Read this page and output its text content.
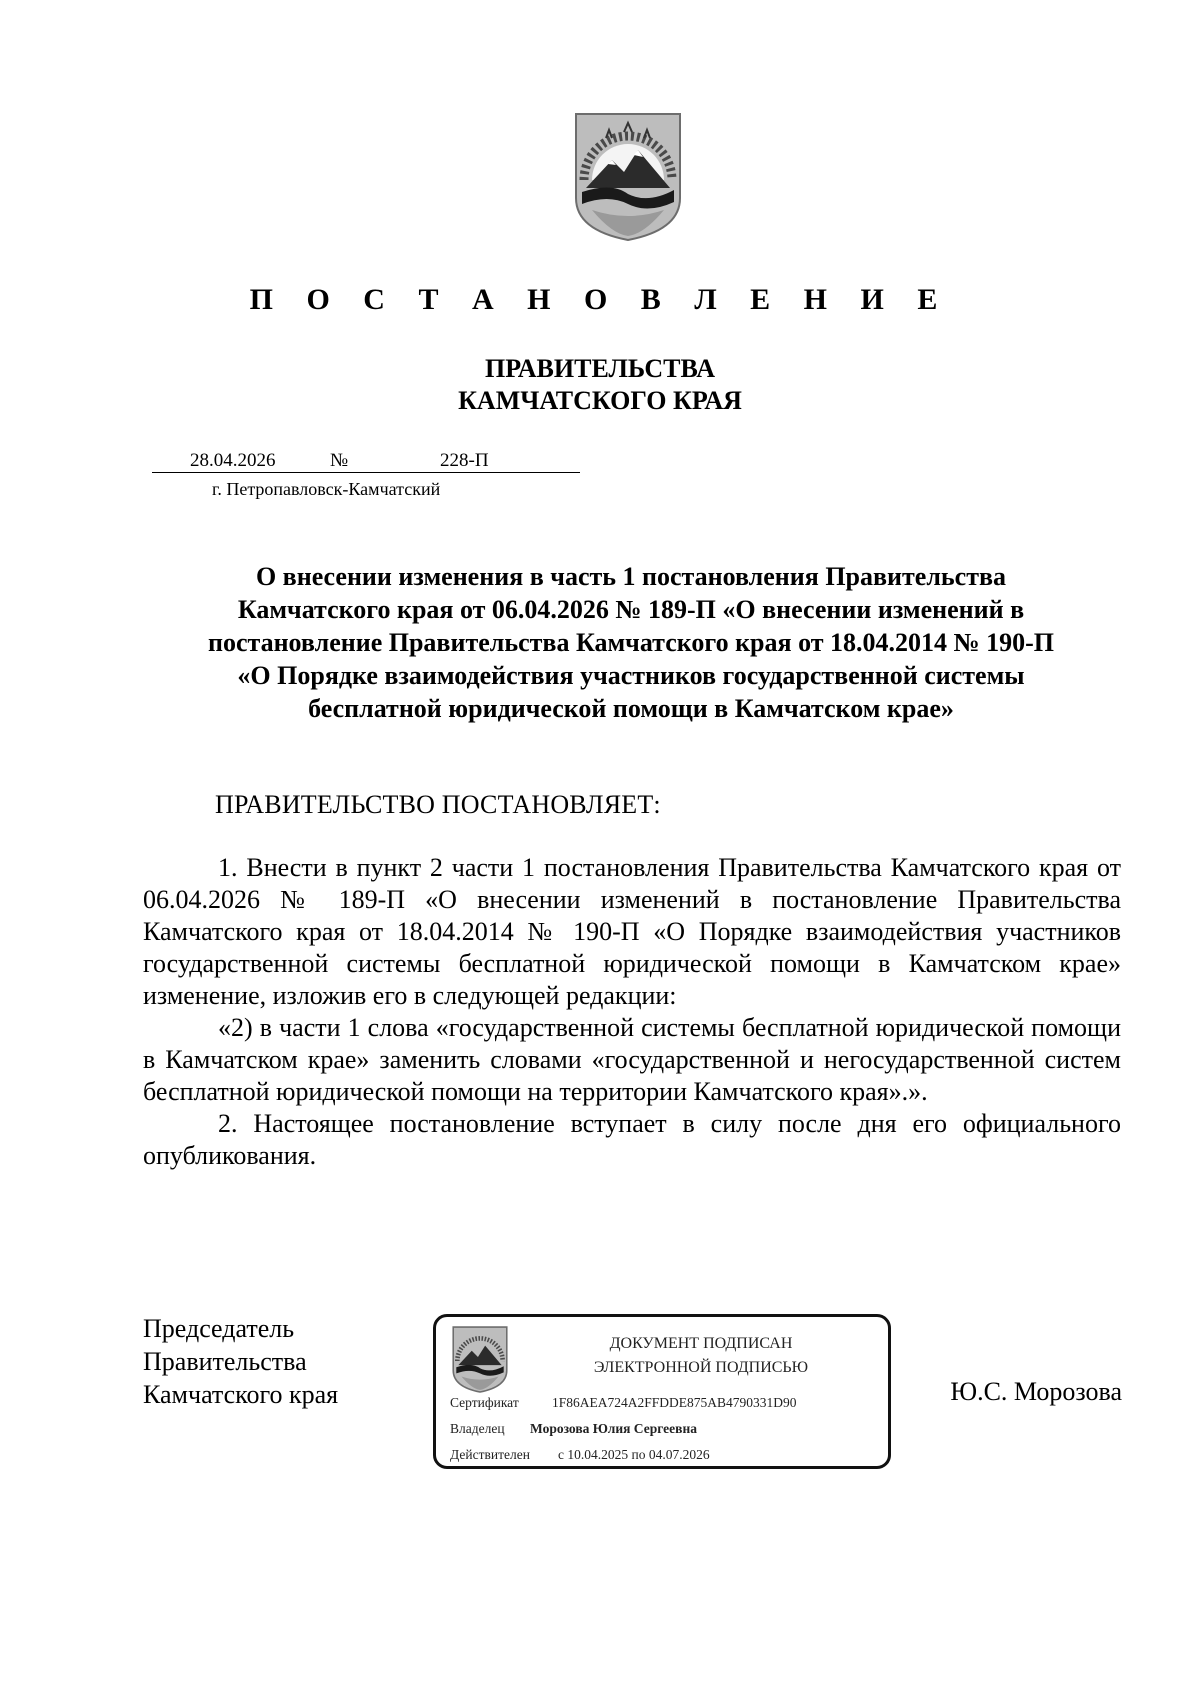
П О С Т А Н О В Л Е Н И Е
ПРАВИТЕЛЬСТВА
КАМЧАТСКОГО КРАЯ
28.04.2026	№	228-П
г. Петропавловск-Камчатский
О внесении изменения в часть 1 постановления Правительства
Камчатского края от 06.04.2026 № 189-П «О внесении изменений в
постановление Правительства Камчатского края от 18.04.2014 № 190-П
«О Порядке взаимодействия участников государственной системы
бесплатной юридической помощи в Камчатском крае»
ПРАВИТЕЛЬСТВО ПОСТАНОВЛЯЕТ:

1. Внести в пункт 2 части 1 постановления Правительства Камчатского края от 06.04.2026 № 189-П «О внесении изменений в постановление Правительства Камчатского края от 18.04.2014 № 190-П «О Порядке взаимодействия участников государственной системы бесплатной юридической помощи в Камчатском крае» изменение, изложив его в следующей редакции:

«2) в части 1 слова «государственной системы бесплатной юридической помощи в Камчатском крае» заменить словами «государственной и негосударственной систем бесплатной юридической помощи на территории Камчатского края».».

2. Настоящее постановление вступает в силу после дня его официального опубликования.

Председатель
Правительства
Камчатского края
ДОКУМЕНТ ПОДПИСАН
ЭЛЕКТРОННОЙ ПОДПИСЬЮ
Сертификат 1F86AEA724A2FFDDE875AB4790331D90
Владелец Морозова Юлия Сергеевна
Действителен с 10.04.2025 по 04.07.2026
Ю.С. Морозова
